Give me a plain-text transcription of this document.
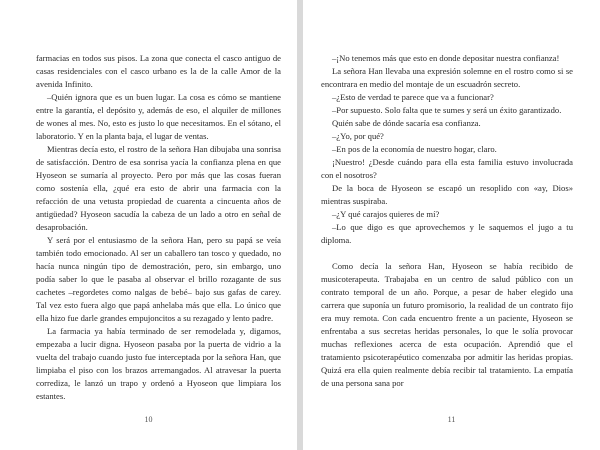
farmacias en todos sus pisos. La zona que conecta el casco antiguo de casas residenciales con el casco urbano es la de la calle Amor de la avenida Infinito.

–Quién ignora que es un buen lugar. La cosa es cómo se mantiene entre la garantía, el depósito y, además de eso, el alquiler de millones de wones al mes. No, esto es justo lo que necesitamos. En el sótano, el laboratorio. Y en la planta baja, el lugar de ventas.

Mientras decía esto, el rostro de la señora Han dibujaba una sonrisa de satisfacción. Dentro de esa sonrisa yacía la confianza plena en que Hyoseon se sumaría al proyecto. Pero por más que las cosas fueran como sostenía ella, ¿qué era esto de abrir una farmacia con la refacción de una vetusta propiedad de cuarenta a cincuenta años de antigüedad? Hyoseon sacudía la cabeza de un lado a otro en señal de desaprobación.

Y será por el entusiasmo de la señora Han, pero su papá se veía también todo emocionado. Al ser un caballero tan tosco y quedado, no hacía nunca ningún tipo de demostración, pero, sin embargo, uno podía saber lo que le pasaba al observar el brillo rozagante de sus cachetes –regordetes como nalgas de bebé– bajo sus gafas de carey. Tal vez esto fuera algo que papá anhelaba más que ella. Lo único que ella hizo fue darle grandes empujoncitos a su rezagado y lento padre.

La farmacia ya había terminado de ser remodelada y, digamos, empezaba a lucir digna. Hyoseon pasaba por la puerta de vidrio a la vuelta del trabajo cuando justo fue interceptada por la señora Han, que limpiaba el piso con los brazos arremangados. Al atravesar la puerta corrediza, le lanzó un trapo y ordenó a Hyoseon que limpiara los estantes.

10

–¡No tenemos más que esto en donde depositar nuestra confianza!

La señora Han llevaba una expresión solemne en el rostro como si se encontrara en medio del montaje de un escuadrón secreto.

–¿Esto de verdad te parece que va a funcionar?

–Por supuesto. Solo falta que te sumes y será un éxito garantizado.

Quién sabe de dónde sacaría esa confianza.

–¿Yo, por qué?

–En pos de la economía de nuestro hogar, claro.

¡Nuestro! ¿Desde cuándo para ella esta familia estuvo involucrada con el nosotros?

De la boca de Hyoseon se escapó un resoplido con «ay, Dios» mientras suspiraba.

–¿Y qué carajos quieres de mí?

–Lo que digo es que aprovechemos y le saquemos el jugo a tu diploma.

Como decía la señora Han, Hyoseon se había recibido de musicoterapeuta. Trabajaba en un centro de salud público con un contrato temporal de un año. Porque, a pesar de haber elegido una carrera que suponía un futuro promisorio, la realidad de un contrato fijo era muy remota. Con cada encuentro frente a un paciente, Hyoseon se enfrentaba a sus secretas heridas personales, lo que le solía provocar muchas reflexiones acerca de esta ocupación. Aprendió que el tratamiento psicoterapéutico comenzaba por admitir las heridas propias. Quizá era ella quien realmente debía recibir tal tratamiento. La empatía de una persona sana por

11
